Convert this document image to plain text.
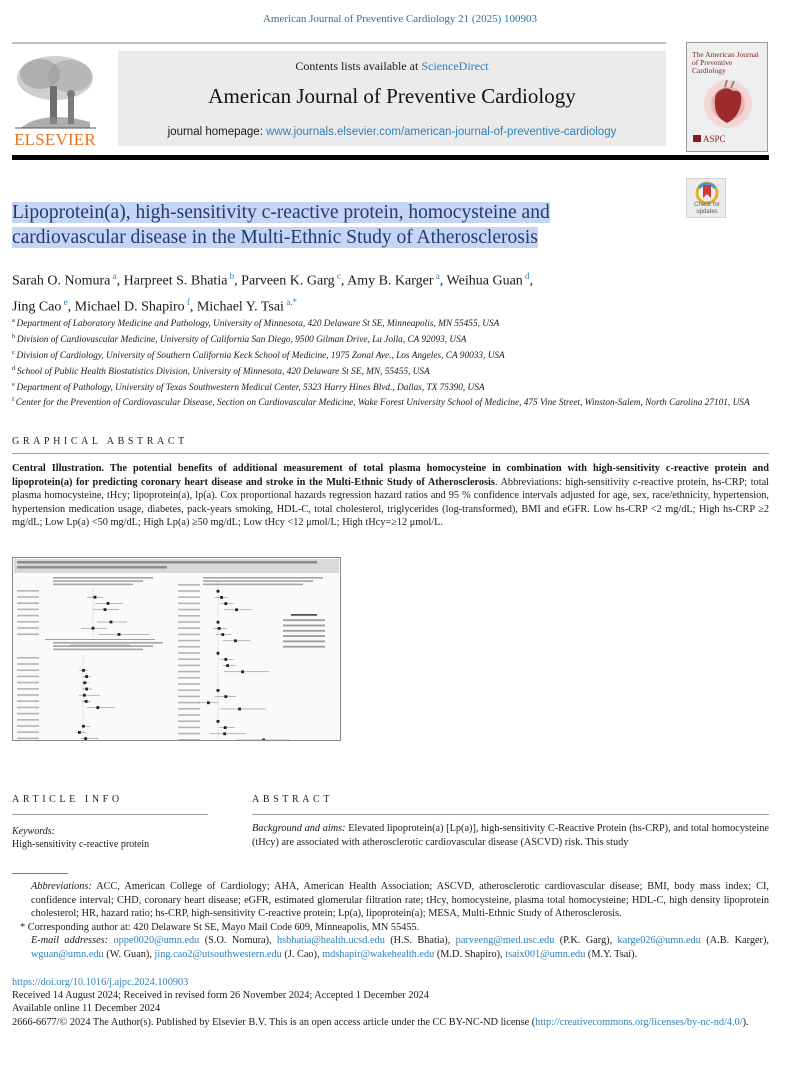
American Journal of Preventive Cardiology 21 (2025) 100903
ELSEVIER
Contents lists available at ScienceDirect
American Journal of Preventive Cardiology
journal homepage: www.journals.elsevier.com/american-journal-of-preventive-cardiology
The American Journal of Preventive Cardiology
ASPC
Check for updates
Lipoprotein(a), high-sensitivity c-reactive protein, homocysteine and
cardiovascular disease in the Multi-Ethnic Study of Atherosclerosis
Sarah O. Nomura $^a$, Harpreet S. Bhatia $^b$, Parveen K. Garg $^c$, Amy B. Karger $^a$, Weihua Guan $^d$,
Jing Cao $^e$, Michael D. Shapiro $^f$, Michael Y. Tsai $^{a,*}$
$^a$ Department of Laboratory Medicine and Pathology, University of Minnesota, 420 Delaware St SE, Minneapolis, MN 55455, USA
$^b$ Division of Cardiovascular Medicine, University of California San Diego, 9500 Gilman Drive, La Jolla, CA 92093, USA
$^c$ Division of Cardiology, University of Southern California Keck School of Medicine, 1975 Zonal Ave., Los Angeles, CA 90033, USA
$^d$ School of Public Health Biostatistics Division, University of Minnesota, 420 Delaware St SE, MN, 55455, USA
$^e$ Department of Pathology, University of Texas Southwestern Medical Center, 5323 Harry Hines Blvd., Dallas, TX 75390, USA
$^f$ Center for the Prevention of Cardiovascular Disease, Section on Cardiovascular Medicine, Wake Forest University School of Medicine, 475 Vine Street, Winston-Salem, North Carolina 27101, USA
GRAPHICAL ABSTRACT
Central Illustration. The potential benefits of additional measurement of total plasma homocysteine in combination with high-sensitivity c-reactive protein and lipoprotein(a) for predicting coronary heart disease and stroke in the Multi-Ethnic Study of Atherosclerosis. Abbreviations: high-sensitivity c-reactive protein, hs-CRP; total plasma homocysteine, tHcy; lipoprotein(a), lp(a). Cox proportional hazards regression hazard ratios and 95 % confidence intervals adjusted for age, sex, race/ethnicity, hypertension, hypertension medication usage, diabetes, pack-years smoking, HDL-C, total cholesterol, triglycerides (log-transformed), BMI and eGFR. Low hs-CRP <2 mg/dL; High hs-CRP ≥2 mg/dL; Low Lp(a) <50 mg/dL; High Lp(a) ≥50 mg/dL; Low tHcy <12 μmol/L; High tHcy=≥12 μmol/L.
ARTICLE INFO
Keywords:
High-sensitivity c-reactive protein
ABSTRACT
Background and aims: Elevated lipoprotein(a) [Lp(a)], high-sensitivity C-Reactive Protein (hs-CRP), and total homocysteine (tHcy) are associated with atherosclerotic cardiovascular disease (ASCVD) risk. This study
Abbreviations: ACC, American College of Cardiology; AHA, American Health Association; ASCVD, atherosclerotic cardiovascular disease; BMI, body mass index; CI, confidence interval; CHD, coronary heart disease; eGFR, estimated glomerular filtration rate; tHcy, homocysteine, plasma total homocysteine; HDL-C, high density lipoprotein cholesterol; HR, hazard ratio; hs-CRP, high-sensitivity C-reactive protein; Lp(a), lipoprotein(a); MESA, Multi-Ethnic Study of Atherosclerosis.
* Corresponding author at: 420 Delaware St SE, Mayo Mail Code 609, Minneapolis, MN 55455.
E-mail addresses: oppe0020@umn.edu (S.O. Nomura), hsbhatia@health.ucsd.edu (H.S. Bhatia), parveeng@med.usc.edu (P.K. Garg), karge026@umn.edu (A.B. Karger), wguan@umn.edu (W. Guan), jing.cao2@utsouthwestern.edu (J. Cao), mdshapir@wakehealth.edu (M.D. Shapiro), tsaix001@umn.edu (M.Y. Tsai).
https://doi.org/10.1016/j.ajpc.2024.100903
Received 14 August 2024; Received in revised form 26 November 2024; Accepted 1 December 2024
Available online 11 December 2024
2666-6677/© 2024 The Author(s). Published by Elsevier B.V. This is an open access article under the CC BY-NC-ND license (http://creativecommons.org/licenses/by-nc-nd/4.0/).
